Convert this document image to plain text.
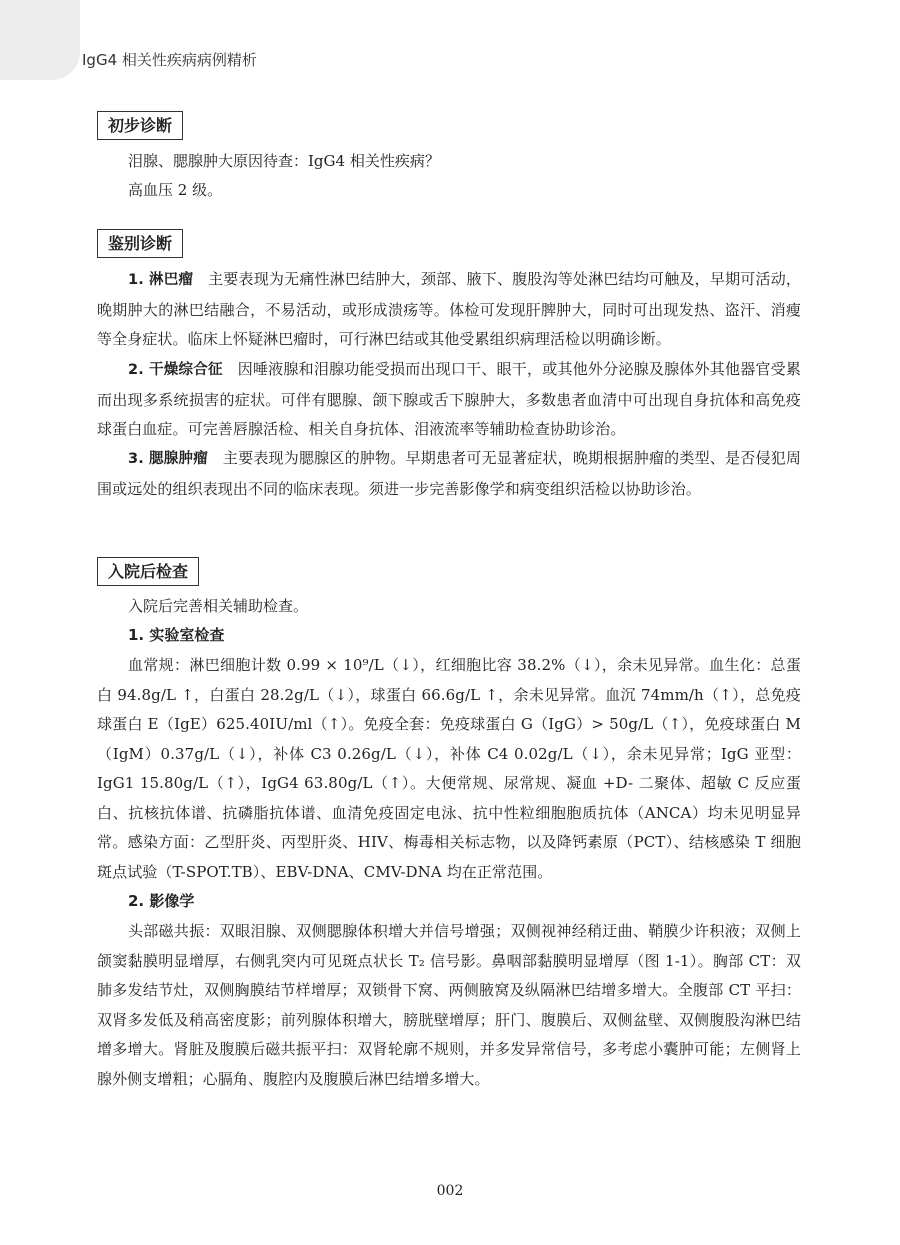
IgG4 相关性疾病病例精析
初步诊断
泪腺、腮腺肿大原因待查：IgG4 相关性疾病？
高血压 2 级。
鉴别诊断
1. 淋巴瘤 主要表现为无痛性淋巴结肿大，颈部、腋下、腹股沟等处淋巴结均可触及，早期可活动，晚期肿大的淋巴结融合，不易活动，或形成溃疡等。体检可发现肝脾肿大，同时可出现发热、盗汗、消瘦等全身症状。临床上怀疑淋巴瘤时，可行淋巴结或其他受累组织病理活检以明确诊断。
2. 干燥综合征 因唾液腺和泪腺功能受损而出现口干、眼干，或其他外分泌腺及腺体外其他器官受累而出现多系统损害的症状。可伴有腮腺、颌下腺或舌下腺肿大，多数患者血清中可出现自身抗体和高免疫球蛋白血症。可完善唇腺活检、相关自身抗体、泪液流率等辅助检查协助诊治。
3. 腮腺肿瘤 主要表现为腮腺区的肿物。早期患者可无显著症状，晚期根据肿瘤的类型、是否侵犯周围或远处的组织表现出不同的临床表现。须进一步完善影像学和病变组织活检以协助诊治。
入院后检查
入院后完善相关辅助检查。
1. 实验室检查
血常规：淋巴细胞计数 0.99 × 10⁹/L（↓），红细胞比容 38.2%（↓），余未见异常。血生化：总蛋白 94.8g/L ↑，白蛋白 28.2g/L（↓），球蛋白 66.6g/L ↑，余未见异常。血沉 74mm/h（↑），总免疫球蛋白 E（IgE）625.40IU/ml（↑）。免疫全套：免疫球蛋白 G（IgG）> 50g/L（↑），免疫球蛋白 M（IgM）0.37g/L（↓），补体 C3 0.26g/L（↓），补体 C4 0.02g/L（↓），余未见异常；IgG 亚型：IgG1 15.80g/L（↑），IgG4 63.80g/L（↑）。大便常规、尿常规、凝血 +D- 二聚体、超敏 C 反应蛋白、抗核抗体谱、抗磷脂抗体谱、血清免疫固定电泳、抗中性粒细胞胞质抗体（ANCA）均未见明显异常。感染方面：乙型肝炎、丙型肝炎、HIV、梅毒相关标志物，以及降钙素原（PCT）、结核感染 T 细胞斑点试验（T-SPOT.TB）、EBV-DNA、CMV-DNA 均在正常范围。
2. 影像学
头部磁共振：双眼泪腺、双侧腮腺体积增大并信号增强；双侧视神经稍迂曲、鞘膜少许积液；双侧上颌窦黏膜明显增厚，右侧乳突内可见斑点状长 T₂ 信号影。鼻咽部黏膜明显增厚（图 1-1）。胸部 CT：双肺多发结节灶，双侧胸膜结节样增厚；双锁骨下窝、两侧腋窝及纵隔淋巴结增多增大。全腹部 CT 平扫：双肾多发低及稍高密度影；前列腺体积增大，膀胱壁增厚；肝门、腹膜后、双侧盆壁、双侧腹股沟淋巴结增多增大。肾脏及腹膜后磁共振平扫：双肾轮廓不规则，并多发异常信号，多考虑小囊肿可能；左侧肾上腺外侧支增粗；心膈角、腹腔内及腹膜后淋巴结增多增大。
002
